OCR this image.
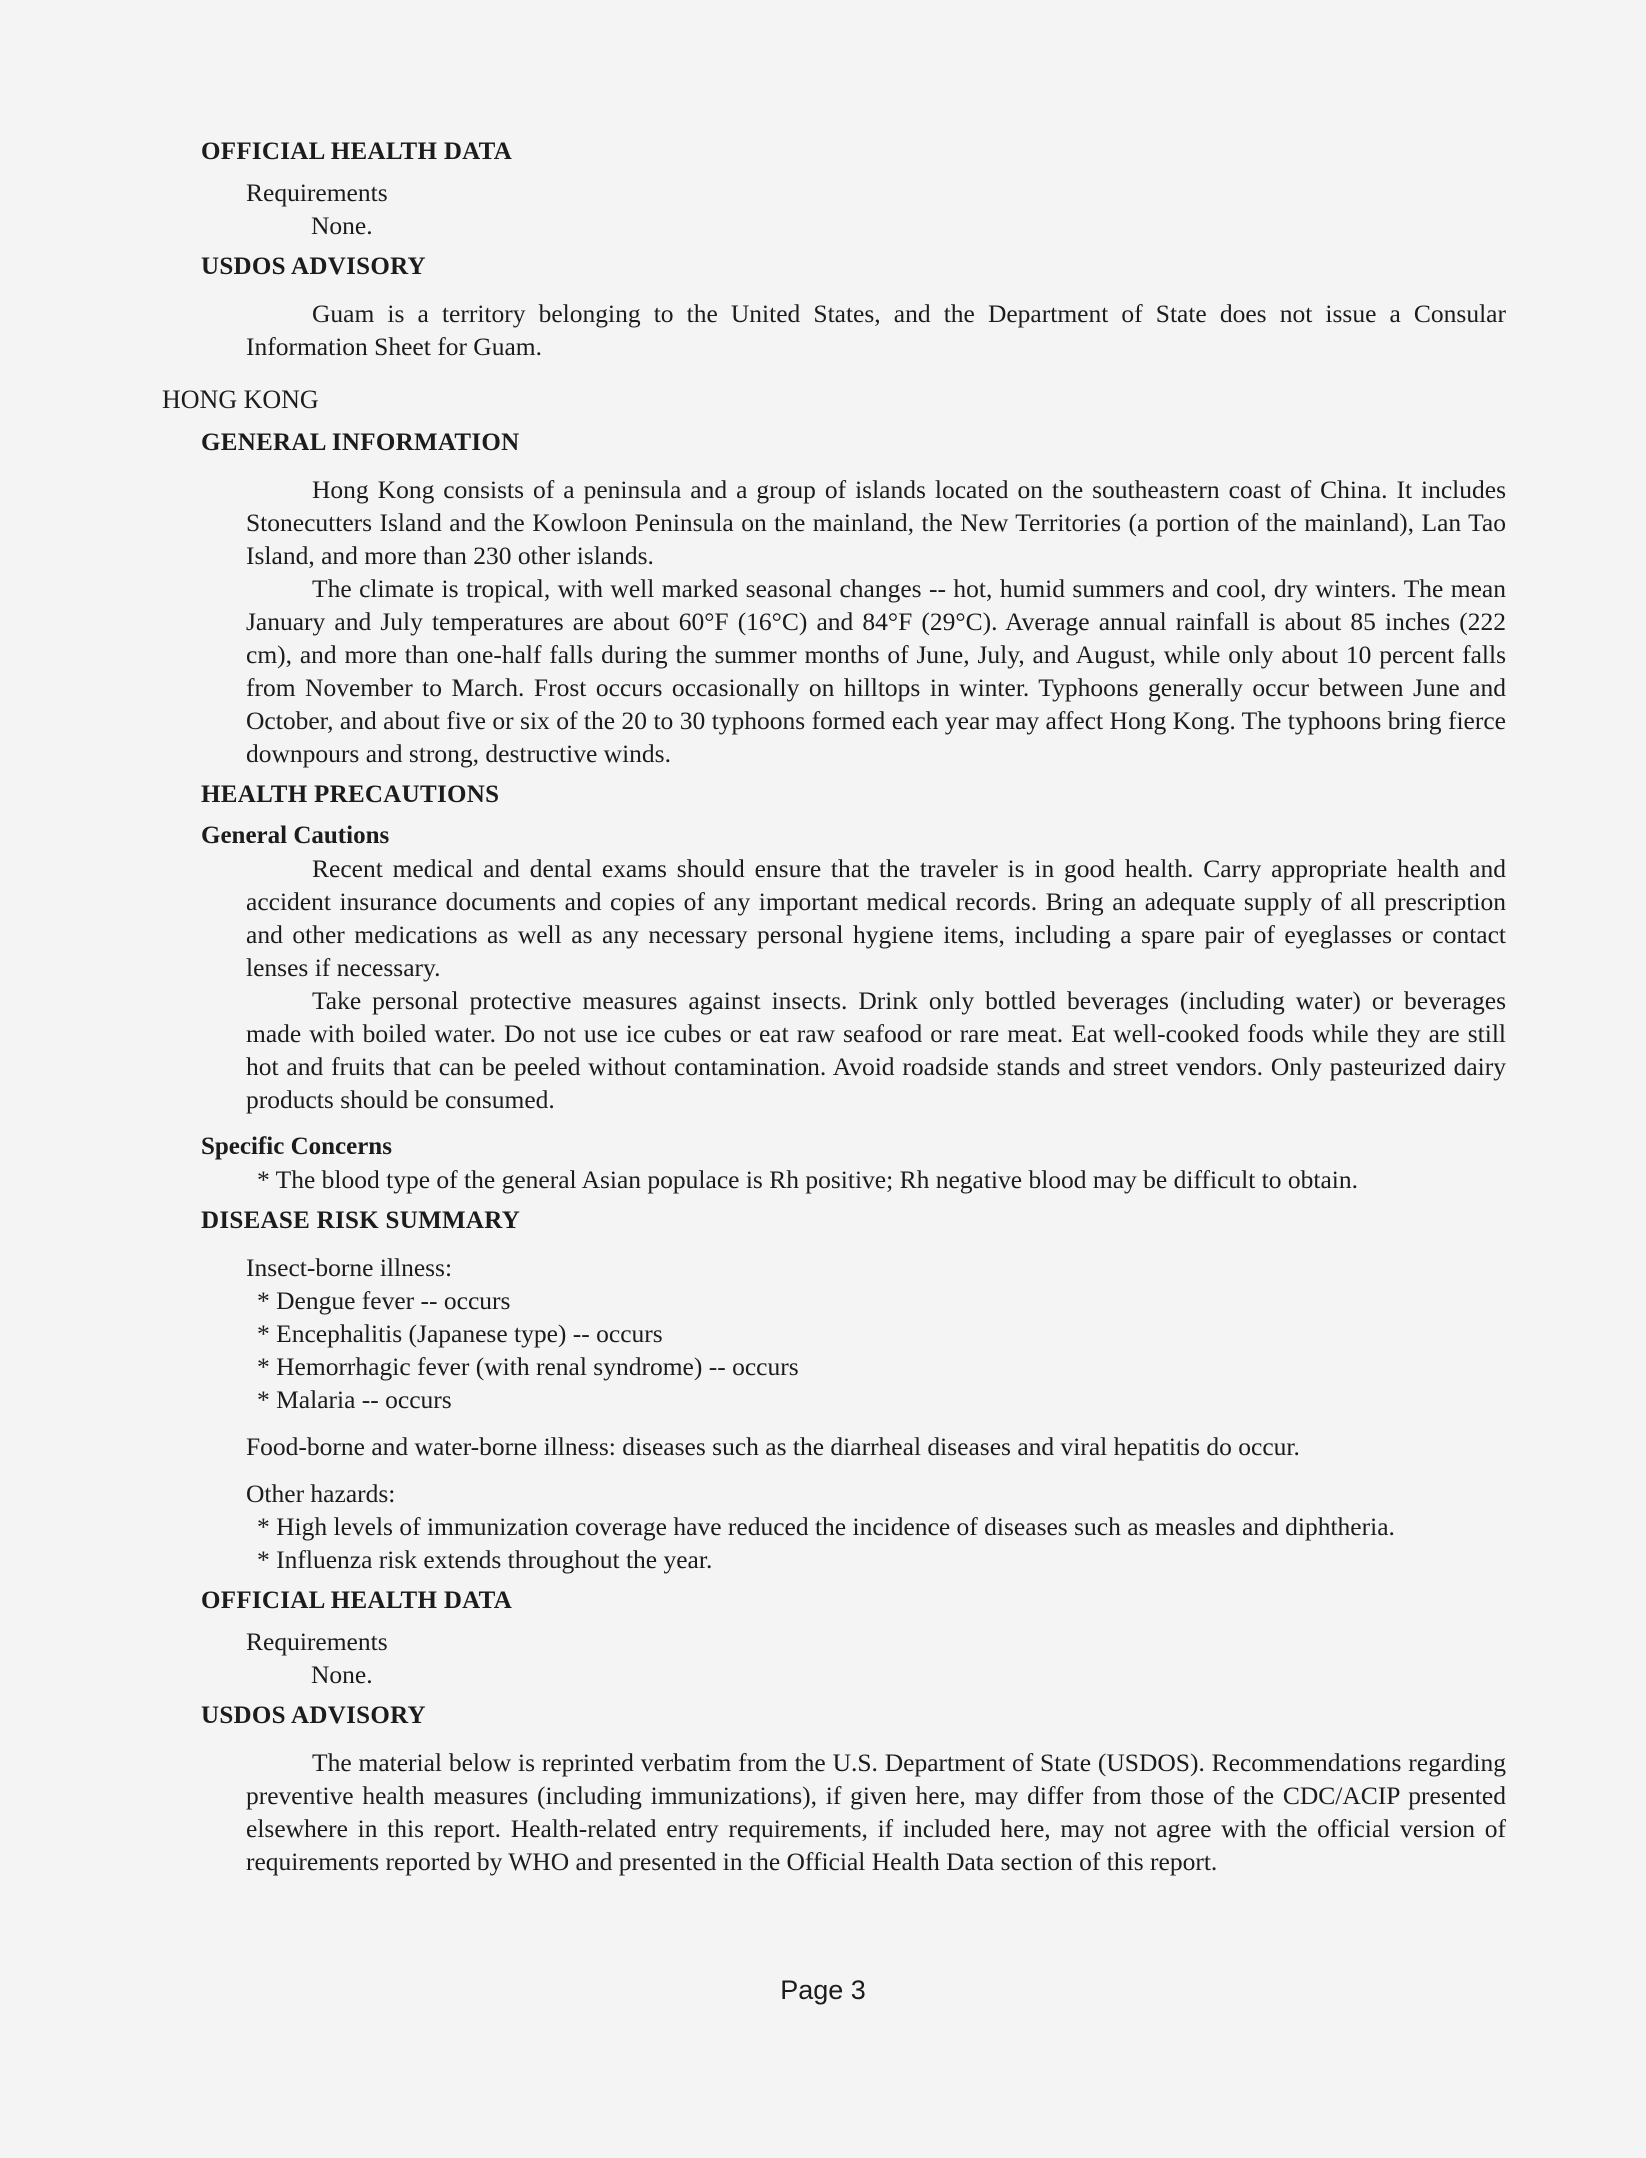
OFFICIAL HEALTH DATA
Requirements
None.
USDOS ADVISORY
Guam is a territory belonging to the United States, and the Department of State does not issue a Consular Information Sheet for Guam.
HONG KONG
GENERAL INFORMATION
Hong Kong consists of a peninsula and a group of islands located on the southeastern coast of China. It includes Stonecutters Island and the Kowloon Peninsula on the mainland, the New Territories (a portion of the mainland), Lan Tao Island, and more than 230 other islands.
The climate is tropical, with well marked seasonal changes -- hot, humid summers and cool, dry winters. The mean January and July temperatures are about 60°F (16°C) and 84°F (29°C). Average annual rainfall is about 85 inches (222 cm), and more than one-half falls during the summer months of June, July, and August, while only about 10 percent falls from November to March. Frost occurs occasionally on hilltops in winter. Typhoons generally occur between June and October, and about five or six of the 20 to 30 typhoons formed each year may affect Hong Kong. The typhoons bring fierce downpours and strong, destructive winds.
HEALTH PRECAUTIONS
General Cautions
Recent medical and dental exams should ensure that the traveler is in good health. Carry appropriate health and accident insurance documents and copies of any important medical records. Bring an adequate supply of all prescription and other medications as well as any necessary personal hygiene items, including a spare pair of eyeglasses or contact lenses if necessary.
Take personal protective measures against insects. Drink only bottled beverages (including water) or beverages made with boiled water. Do not use ice cubes or eat raw seafood or rare meat. Eat well-cooked foods while they are still hot and fruits that can be peeled without contamination. Avoid roadside stands and street vendors. Only pasteurized dairy products should be consumed.
Specific Concerns
* The blood type of the general Asian populace is Rh positive; Rh negative blood may be difficult to obtain.
DISEASE RISK SUMMARY
Insect-borne illness:
* Dengue fever -- occurs
* Encephalitis (Japanese type) -- occurs
* Hemorrhagic fever (with renal syndrome) -- occurs
* Malaria -- occurs
Food-borne and water-borne illness: diseases such as the diarrheal diseases and viral hepatitis do occur.
Other hazards:
* High levels of immunization coverage have reduced the incidence of diseases such as measles and diphtheria.
* Influenza risk extends throughout the year.
OFFICIAL HEALTH DATA
Requirements
None.
USDOS ADVISORY
The material below is reprinted verbatim from the U.S. Department of State (USDOS). Recommendations regarding preventive health measures (including immunizations), if given here, may differ from those of the CDC/ACIP presented elsewhere in this report. Health-related entry requirements, if included here, may not agree with the official version of requirements reported by WHO and presented in the Official Health Data section of this report.
Page 3
